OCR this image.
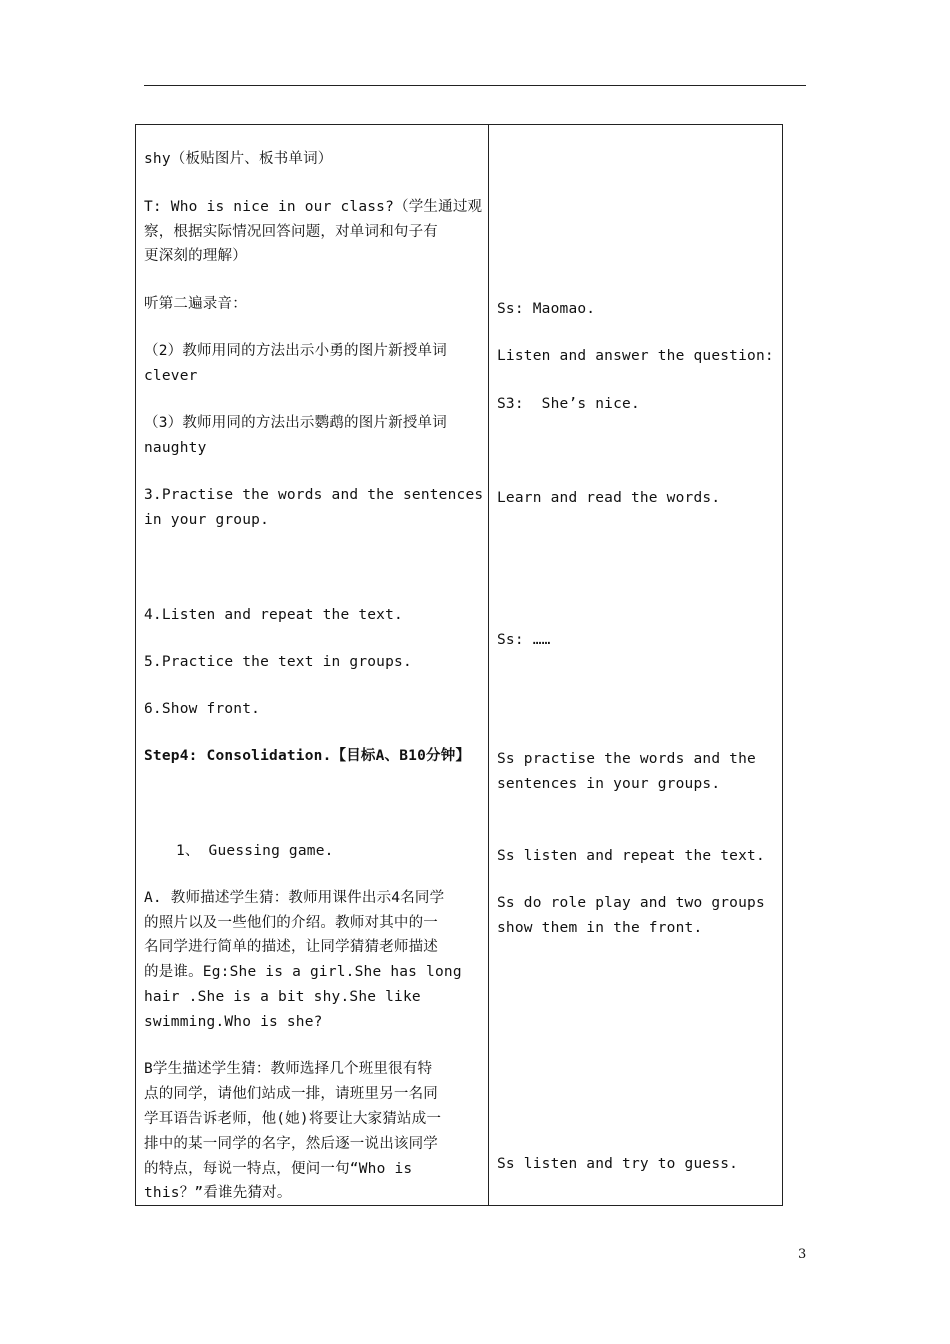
shy（板贴图片、板书单词）
T: Who is nice in our class?（学生通过观
察，根据实际情况回答问题，对单词和句子有
更深刻的理解）
听第二遍录音：
（2）教师用同的方法出示小勇的图片新授单词
clever
（3）教师用同的方法出示鹦鹉的图片新授单词
naughty
3.Practise the words and the sentences
in your group.
4.Listen and repeat the text.
5.Practice the text in groups.
6.Show front.
Step4: Consolidation.【目标A、B10分钟】
1、 Guessing game.
A. 教师描述学生猜：教师用课件出示4名同学
的照片以及一些他们的介绍。教师对其中的一
名同学进行简单的描述，让同学猜猜老师描述
的是谁。Eg:She is a girl.She has long
hair .She is a bit shy.She like
swimming.Who is she?
B学生描述学生猜：教师选择几个班里很有特
点的同学，请他们站成一排，请班里另一名同
学耳语告诉老师，他(她)将要让大家猜站成一
排中的某一同学的名字，然后逐一说出该同学
的特点，每说一特点，便问一句“Who is
this？”看谁先猜对。
Ss: Maomao.
Listen and answer the question:
S3:  She’s nice.
Learn and read the words.
Ss: ……
Ss practise the words and the
sentences in your groups.
Ss listen and repeat the text.
Ss do role play and two groups
show them in the front.
Ss listen and try to guess.
3
